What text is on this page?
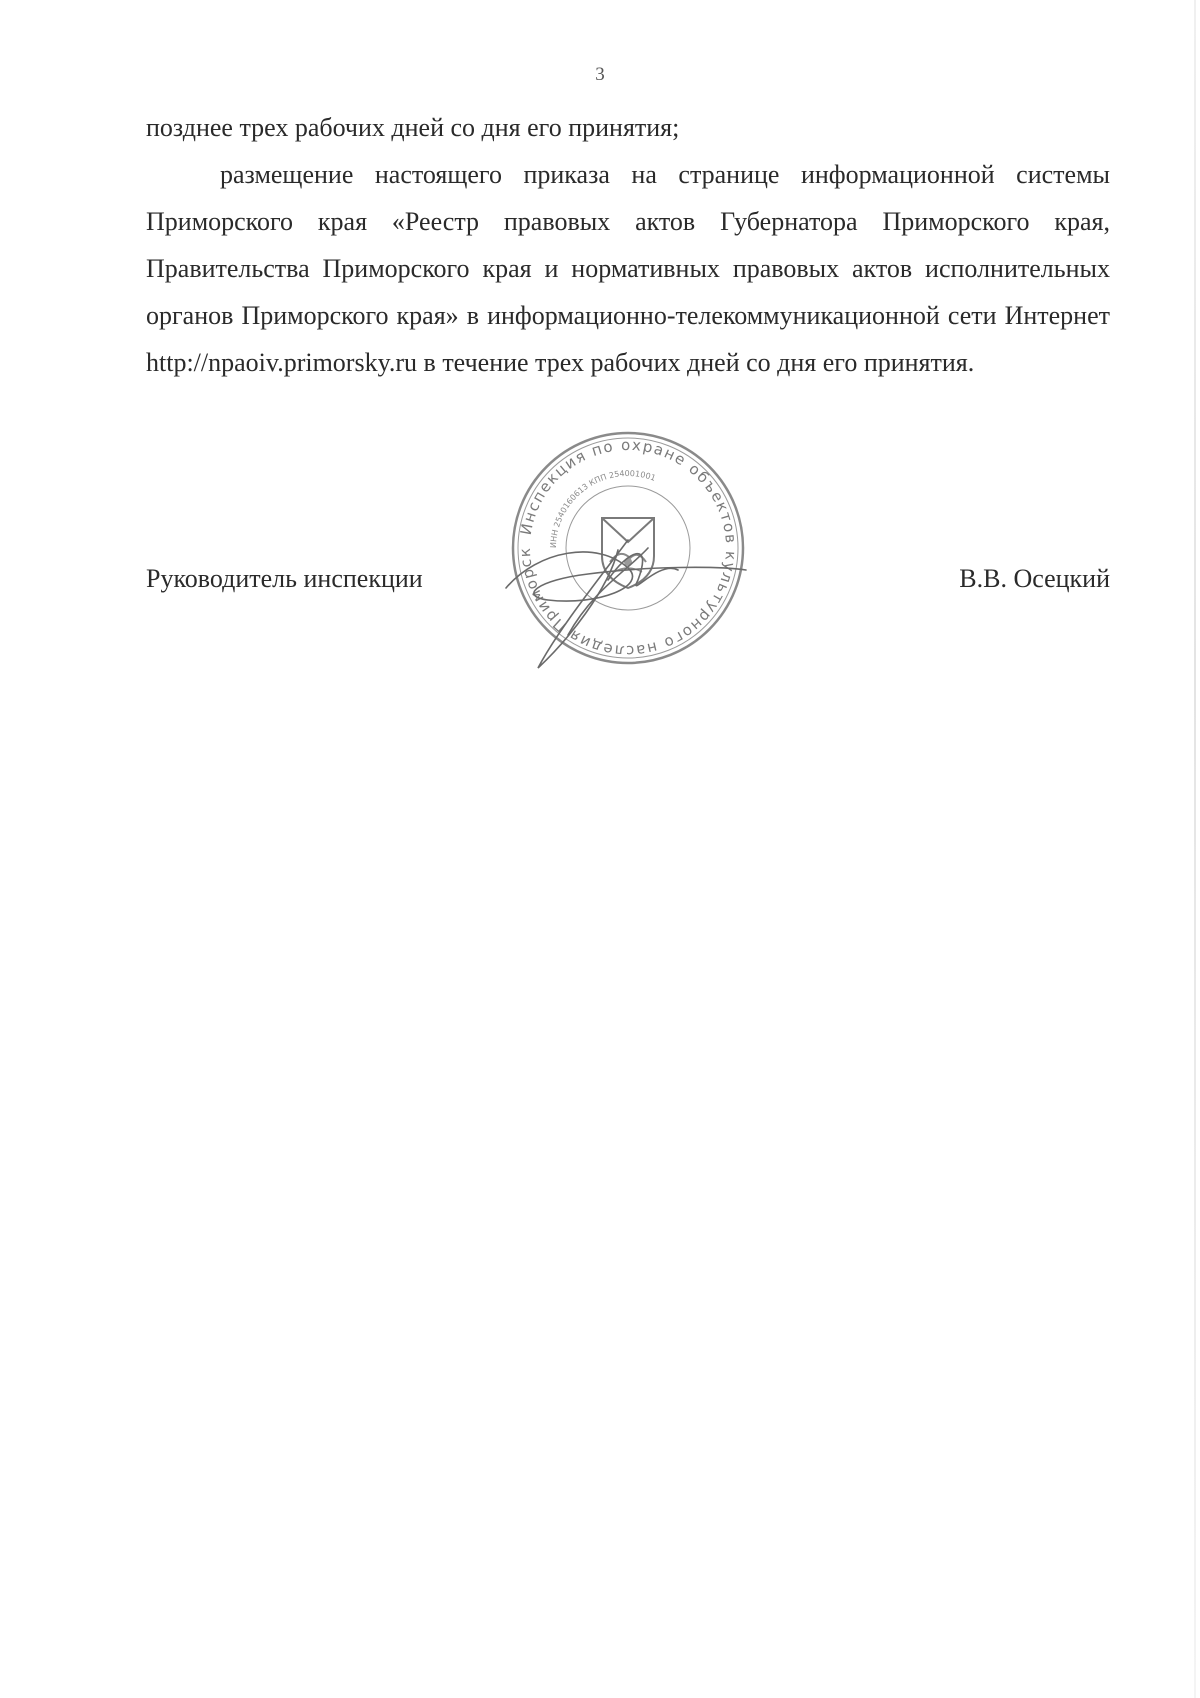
3

позднее трех рабочих дней со дня его принятия;

размещение настоящего приказа на странице информационной системы Приморского края «Реестр правовых актов Губернатора Приморского края, Правительства Приморского края и нормативных правовых актов исполнительных органов Приморского края» в информационно-телекоммуникационной сети Интернет http://npaoiv.primorsky.ru в течение трех рабочих дней со дня его принятия.

Руководитель инспекции	В.В. Осецкий
Инспекция по охране объектов культурного наследия Приморск
ИНН 2540160613 КПП 254001001
